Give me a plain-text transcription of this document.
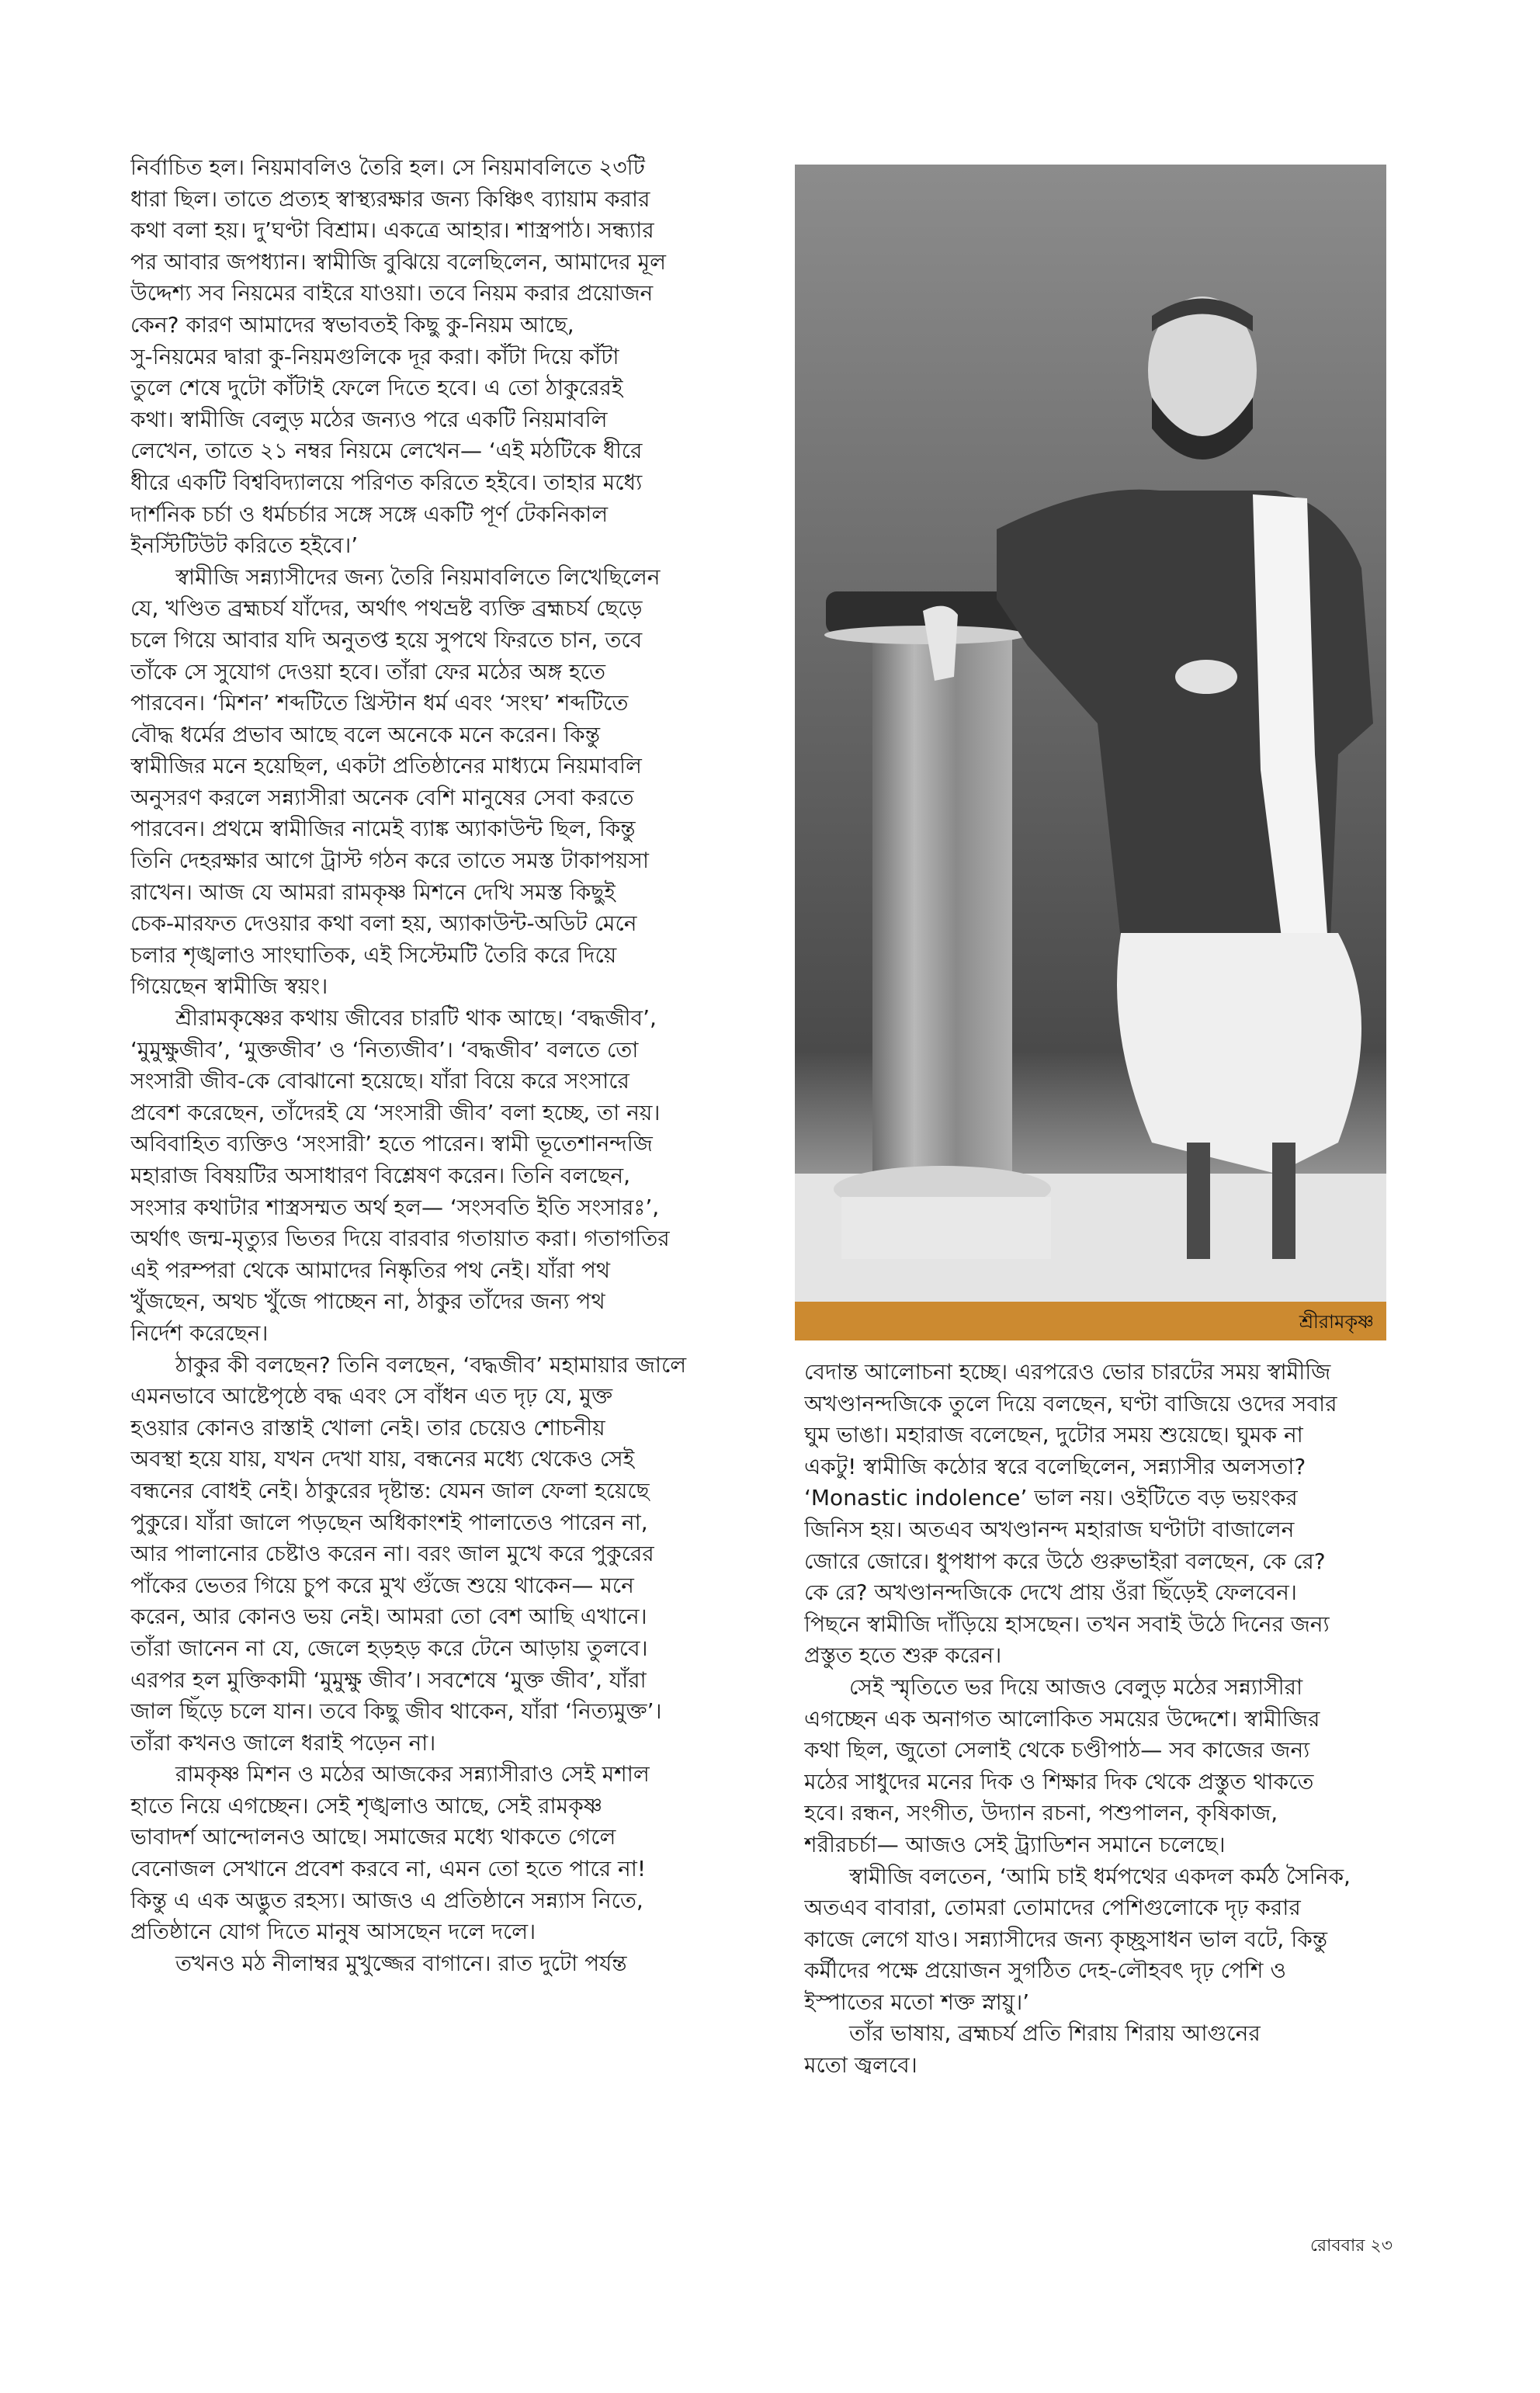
নির্বাচিত হল। নিয়মাবলিও তৈরি হল। সে নিয়মাবলিতে ২৩টি
ধারা ছিল। তাতে প্রত্যহ স্বাস্থ্যরক্ষার জন্য কিঞ্চিৎ ব্যায়াম করার
কথা বলা হয়। দু’ঘণ্টা বিশ্রাম। একত্রে আহার। শাস্ত্রপাঠ। সন্ধ্যার
পর আবার জপধ্যান। স্বামীজি বুঝিয়ে বলেছিলেন, আমাদের মূল
উদ্দেশ্য সব নিয়মের বাইরে যাওয়া। তবে নিয়ম করার প্রয়োজন
কেন? কারণ আমাদের স্বভাবতই কিছু কু-নিয়ম আছে,
সু-নিয়মের দ্বারা কু-নিয়মগুলিকে দূর করা। কাঁটা দিয়ে কাঁটা
তুলে শেষে দুটো কাঁটাই ফেলে দিতে হবে। এ তো ঠাকুরেরই
কথা। স্বামীজি বেলুড় মঠের জন্যও পরে একটি নিয়মাবলি
লেখেন, তাতে ২১ নম্বর নিয়মে লেখেন— ‘এই মঠটিকে ধীরে
ধীরে একটি বিশ্ববিদ্যালয়ে পরিণত করিতে হইবে। তাহার মধ্যে
দার্শনিক চর্চা ও ধর্মচর্চার সঙ্গে সঙ্গে একটি পূর্ণ টেকনিকাল
ইনস্টিটিউট করিতে হইবে।’
স্বামীজি সন্ন্যাসীদের জন্য তৈরি নিয়মাবলিতে লিখেছিলেন
যে, খণ্ডিত ব্রহ্মচর্য যাঁদের, অর্থাৎ পথভ্রষ্ট ব্যক্তি ব্রহ্মচর্য ছেড়ে
চলে গিয়ে আবার যদি অনুতপ্ত হয়ে সুপথে ফিরতে চান, তবে
তাঁকে সে সুযোগ দেওয়া হবে। তাঁরা ফের মঠের অঙ্গ হতে
পারবেন। ‘মিশন’ শব্দটিতে খ্রিস্টান ধর্ম এবং ‘সংঘ’ শব্দটিতে
বৌদ্ধ ধর্মের প্রভাব আছে বলে অনেকে মনে করেন। কিন্তু
স্বামীজির মনে হয়েছিল, একটা প্রতিষ্ঠানের মাধ্যমে নিয়মাবলি
অনুসরণ করলে সন্ন্যাসীরা অনেক বেশি মানুষের সেবা করতে
পারবেন। প্রথমে স্বামীজির নামেই ব্যাঙ্ক অ্যাকাউন্ট ছিল, কিন্তু
তিনি দেহরক্ষার আগে ট্রাস্ট গঠন করে তাতে সমস্ত টাকাপয়সা
রাখেন। আজ যে আমরা রামকৃষ্ণ মিশনে দেখি সমস্ত কিছুই
চেক-মারফত দেওয়ার কথা বলা হয়, অ্যাকাউন্ট-অডিট মেনে
চলার শৃঙ্খলাও সাংঘাতিক, এই সিস্টেমটি তৈরি করে দিয়ে
গিয়েছেন স্বামীজি স্বয়ং।
শ্রীরামকৃষ্ণের কথায় জীবের চারটি থাক আছে। ‘বদ্ধজীব’,
‘মুমুক্ষুজীব’, ‘মুক্তজীব’ ও ‘নিত্যজীব’। ‘বদ্ধজীব’ বলতে তো
সংসারী জীব-কে বোঝানো হয়েছে। যাঁরা বিয়ে করে সংসারে
প্রবেশ করেছেন, তাঁদেরই যে ‘সংসারী জীব’ বলা হচ্ছে, তা নয়।
অবিবাহিত ব্যক্তিও ‘সংসারী’ হতে পারেন। স্বামী ভূতেশানন্দজি
মহারাজ বিষয়টির অসাধারণ বিশ্লেষণ করেন। তিনি বলছেন,
সংসার কথাটার শাস্ত্রসম্মত অর্থ হল— ‘সংসবতি ইতি সংসারঃ’,
অর্থাৎ জন্ম-মৃত্যুর ভিতর দিয়ে বারবার গতায়াত করা। গতাগতির
এই পরম্পরা থেকে আমাদের নিষ্কৃতির পথ নেই। যাঁরা পথ
খুঁজছেন, অথচ খুঁজে পাচ্ছেন না, ঠাকুর তাঁদের জন্য পথ
নির্দেশ করেছেন।
ঠাকুর কী বলছেন? তিনি বলছেন, ‘বদ্ধজীব’ মহামায়ার জালে
এমনভাবে আষ্টেপৃষ্ঠে বদ্ধ এবং সে বাঁধন এত দৃঢ় যে, মুক্ত
হওয়ার কোনও রাস্তাই খোলা নেই। তার চেয়েও শোচনীয়
অবস্থা হয়ে যায়, যখন দেখা যায়, বন্ধনের মধ্যে থেকেও সেই
বন্ধনের বোধই নেই। ঠাকুরের দৃষ্টান্ত: যেমন জাল ফেলা হয়েছে
পুকুরে। যাঁরা জালে পড়ছেন অধিকাংশই পালাতেও পারেন না,
আর পালানোর চেষ্টাও করেন না। বরং জাল মুখে করে পুকুরের
পাঁকের ভেতর গিয়ে চুপ করে মুখ গুঁজে শুয়ে থাকেন— মনে
করেন, আর কোনও ভয় নেই। আমরা তো বেশ আছি এখানে।
তাঁরা জানেন না যে, জেলে হড়হড় করে টেনে আড়ায় তুলবে।
এরপর হল মুক্তিকামী ‘মুমুক্ষু জীব’। সবশেষে ‘মুক্ত জীব’, যাঁরা
জাল ছিঁড়ে চলে যান। তবে কিছু জীব থাকেন, যাঁরা ‘নিত্যমুক্ত’।
তাঁরা কখনও জালে ধরাই পড়েন না।
রামকৃষ্ণ মিশন ও মঠের আজকের সন্ন্যাসীরাও সেই মশাল
হাতে নিয়ে এগচ্ছেন। সেই শৃঙ্খলাও আছে, সেই রামকৃষ্ণ
ভাবাদর্শ আন্দোলনও আছে। সমাজের মধ্যে থাকতে গেলে
বেনোজল সেখানে প্রবেশ করবে না, এমন তো হতে পারে না!
কিন্তু এ এক অদ্ভুত রহস্য। আজও এ প্রতিষ্ঠানে সন্ন্যাস নিতে,
প্রতিষ্ঠানে যোগ দিতে মানুষ আসছেন দলে দলে।
তখনও মঠ নীলাম্বর মুখুজ্জের বাগানে। রাত দুটো পর্যন্ত
শ্রীরামকৃষ্ণ
বেদান্ত আলোচনা হচ্ছে। এরপরেও ভোর চারটের সময় স্বামীজি
অখণ্ডানন্দজিকে তুলে দিয়ে বলছেন, ঘণ্টা বাজিয়ে ওদের সবার
ঘুম ভাঙা। মহারাজ বলেছেন, দুটোর সময় শুয়েছে। ঘুমক না
একটু! স্বামীজি কঠোর স্বরে বলেছিলেন, সন্ন্যাসীর অলসতা?
‘Monastic indolence’ ভাল নয়। ওইটিতে বড় ভয়ংকর
জিনিস হয়। অতএব অখণ্ডানন্দ মহারাজ ঘণ্টাটা বাজালেন
জোরে জোরে। ধুপধাপ করে উঠে গুরুভাইরা বলছেন, কে রে?
কে রে? অখণ্ডানন্দজিকে দেখে প্রায় ওঁরা ছিঁড়েই ফেলবেন।
পিছনে স্বামীজি দাঁড়িয়ে হাসছেন। তখন সবাই উঠে দিনের জন্য
প্রস্তুত হতে শুরু করেন।
সেই স্মৃতিতে ভর দিয়ে আজও বেলুড় মঠের সন্ন্যাসীরা
এগচ্ছেন এক অনাগত আলোকিত সময়ের উদ্দেশে। স্বামীজির
কথা ছিল, জুতো সেলাই থেকে চণ্ডীপাঠ— সব কাজের জন্য
মঠের সাধুদের মনের দিক ও শিক্ষার দিক থেকে প্রস্তুত থাকতে
হবে। রন্ধন, সংগীত, উদ্যান রচনা, পশুপালন, কৃষিকাজ,
শরীরচর্চা— আজও সেই ট্র্যাডিশন সমানে চলেছে।
স্বামীজি বলতেন, ‘আমি চাই ধর্মপথের একদল কর্মঠ সৈনিক,
অতএব বাবারা, তোমরা তোমাদের পেশিগুলোকে দৃঢ় করার
কাজে লেগে যাও। সন্ন্যাসীদের জন্য কৃচ্ছ্রসাধন ভাল বটে, কিন্তু
কর্মীদের পক্ষে প্রয়োজন সুগঠিত দেহ-লৌহবৎ দৃঢ় পেশি ও
ইস্পাতের মতো শক্ত স্নায়ু।’
তাঁর ভাষায়, ব্রহ্মচর্য প্রতি শিরায় শিরায় আগুনের
মতো জ্বলবে।
রোববার ২৩
